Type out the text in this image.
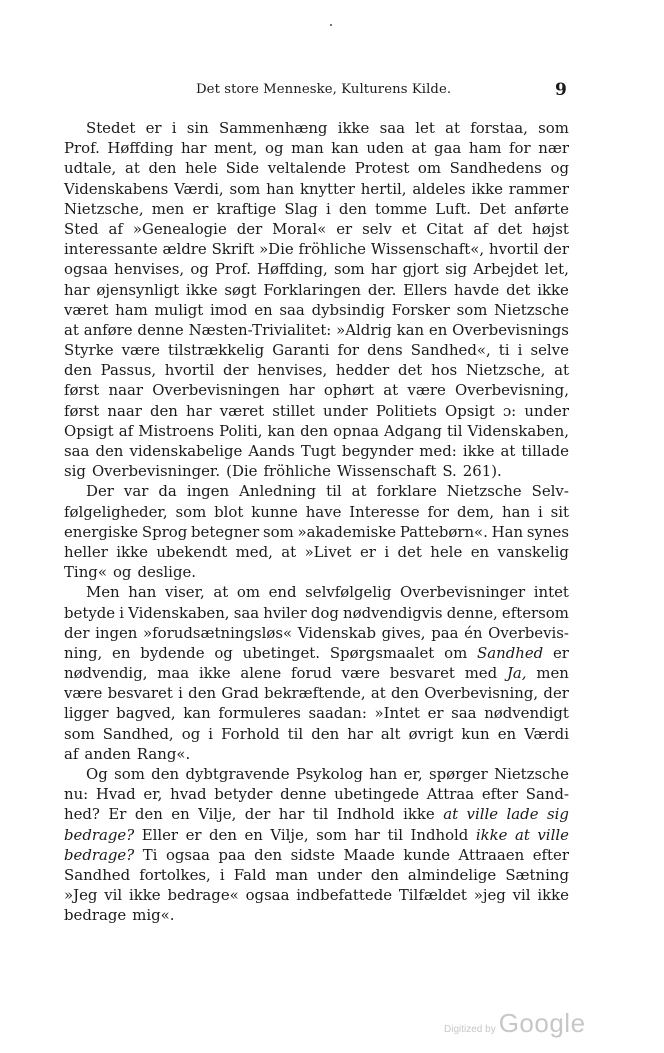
Det store Menneske, Kulturens Kilde.	9
Stedet er i sin Sammenhæng ikke saa let at forstaa, som
Prof. Høffding har ment, og man kan uden at gaa ham for nær
udtale, at den hele Side veltalende Protest om Sandhedens og
Videnskabens Værdi, som han knytter hertil, aldeles ikke rammer
Nietzsche, men er kraftige Slag i den tomme Luft. Det anførte
Sted af »Genealogie der Moral« er selv et Citat af det højst
interessante ældre Skrift »Die fröhliche Wissenschaft«, hvortil der
ogsaa henvises, og Prof. Høffding, som har gjort sig Arbejdet let,
har øjensynligt ikke søgt Forklaringen der. Ellers havde det ikke
været ham muligt imod en saa dybsindig Forsker som Nietzsche
at anføre denne Næsten-Trivialitet: »Aldrig kan en Overbevisnings
Styrke være tilstrækkelig Garanti for dens Sandhed«, ti i selve
den Passus, hvortil der henvises, hedder det hos Nietzsche, at
først naar Overbevisningen har ophørt at være Overbevisning,
først naar den har været stillet under Politiets Opsigt ɔ: under
Opsigt af Mistroens Politi, kan den opnaa Adgang til Videnskaben,
saa den videnskabelige Aands Tugt begynder med: ikke at tillade
sig Overbevisninger. (Die fröhliche Wissenschaft S. 261).
Der var da ingen Anledning til at forklare Nietzsche Selv-
følgeligheder, som blot kunne have Interesse for dem, han i sit
energiske Sprog betegner som »akademiske Pattebørn«. Han synes
heller ikke ubekendt med, at »Livet er i det hele en vanskelig
Ting« og deslige.
Men han viser, at om end selvfølgelig Overbevisninger intet
betyde i Videnskaben, saa hviler dog nødvendigvis denne, eftersom
der ingen »forudsætningsløs« Videnskab gives, paa én Overbevis-
ning, en bydende og ubetinget. Spørgsmaalet om Sandhed er
nødvendig, maa ikke alene forud være besvaret med Ja, men
være besvaret i den Grad bekræftende, at den Overbevisning, der
ligger bagved, kan formuleres saadan: »Intet er saa nødvendigt
som Sandhed, og i Forhold til den har alt øvrigt kun en Værdi
af anden Rang«.
Og som den dybtgravende Psykolog han er, spørger Nietzsche
nu: Hvad er, hvad betyder denne ubetingede Attraa efter Sand-
hed? Er den en Vilje, der har til Indhold ikke at ville lade sig
bedrage? Eller er den en Vilje, som har til Indhold ikke at ville
bedrage? Ti ogsaa paa den sidste Maade kunde Attraaen efter
Sandhed fortolkes, i Fald man under den almindelige Sætning
»Jeg vil ikke bedrage« ogsaa indbefattede Tilfældet »jeg vil ikke
bedrage mig«.
Digitized by Google
